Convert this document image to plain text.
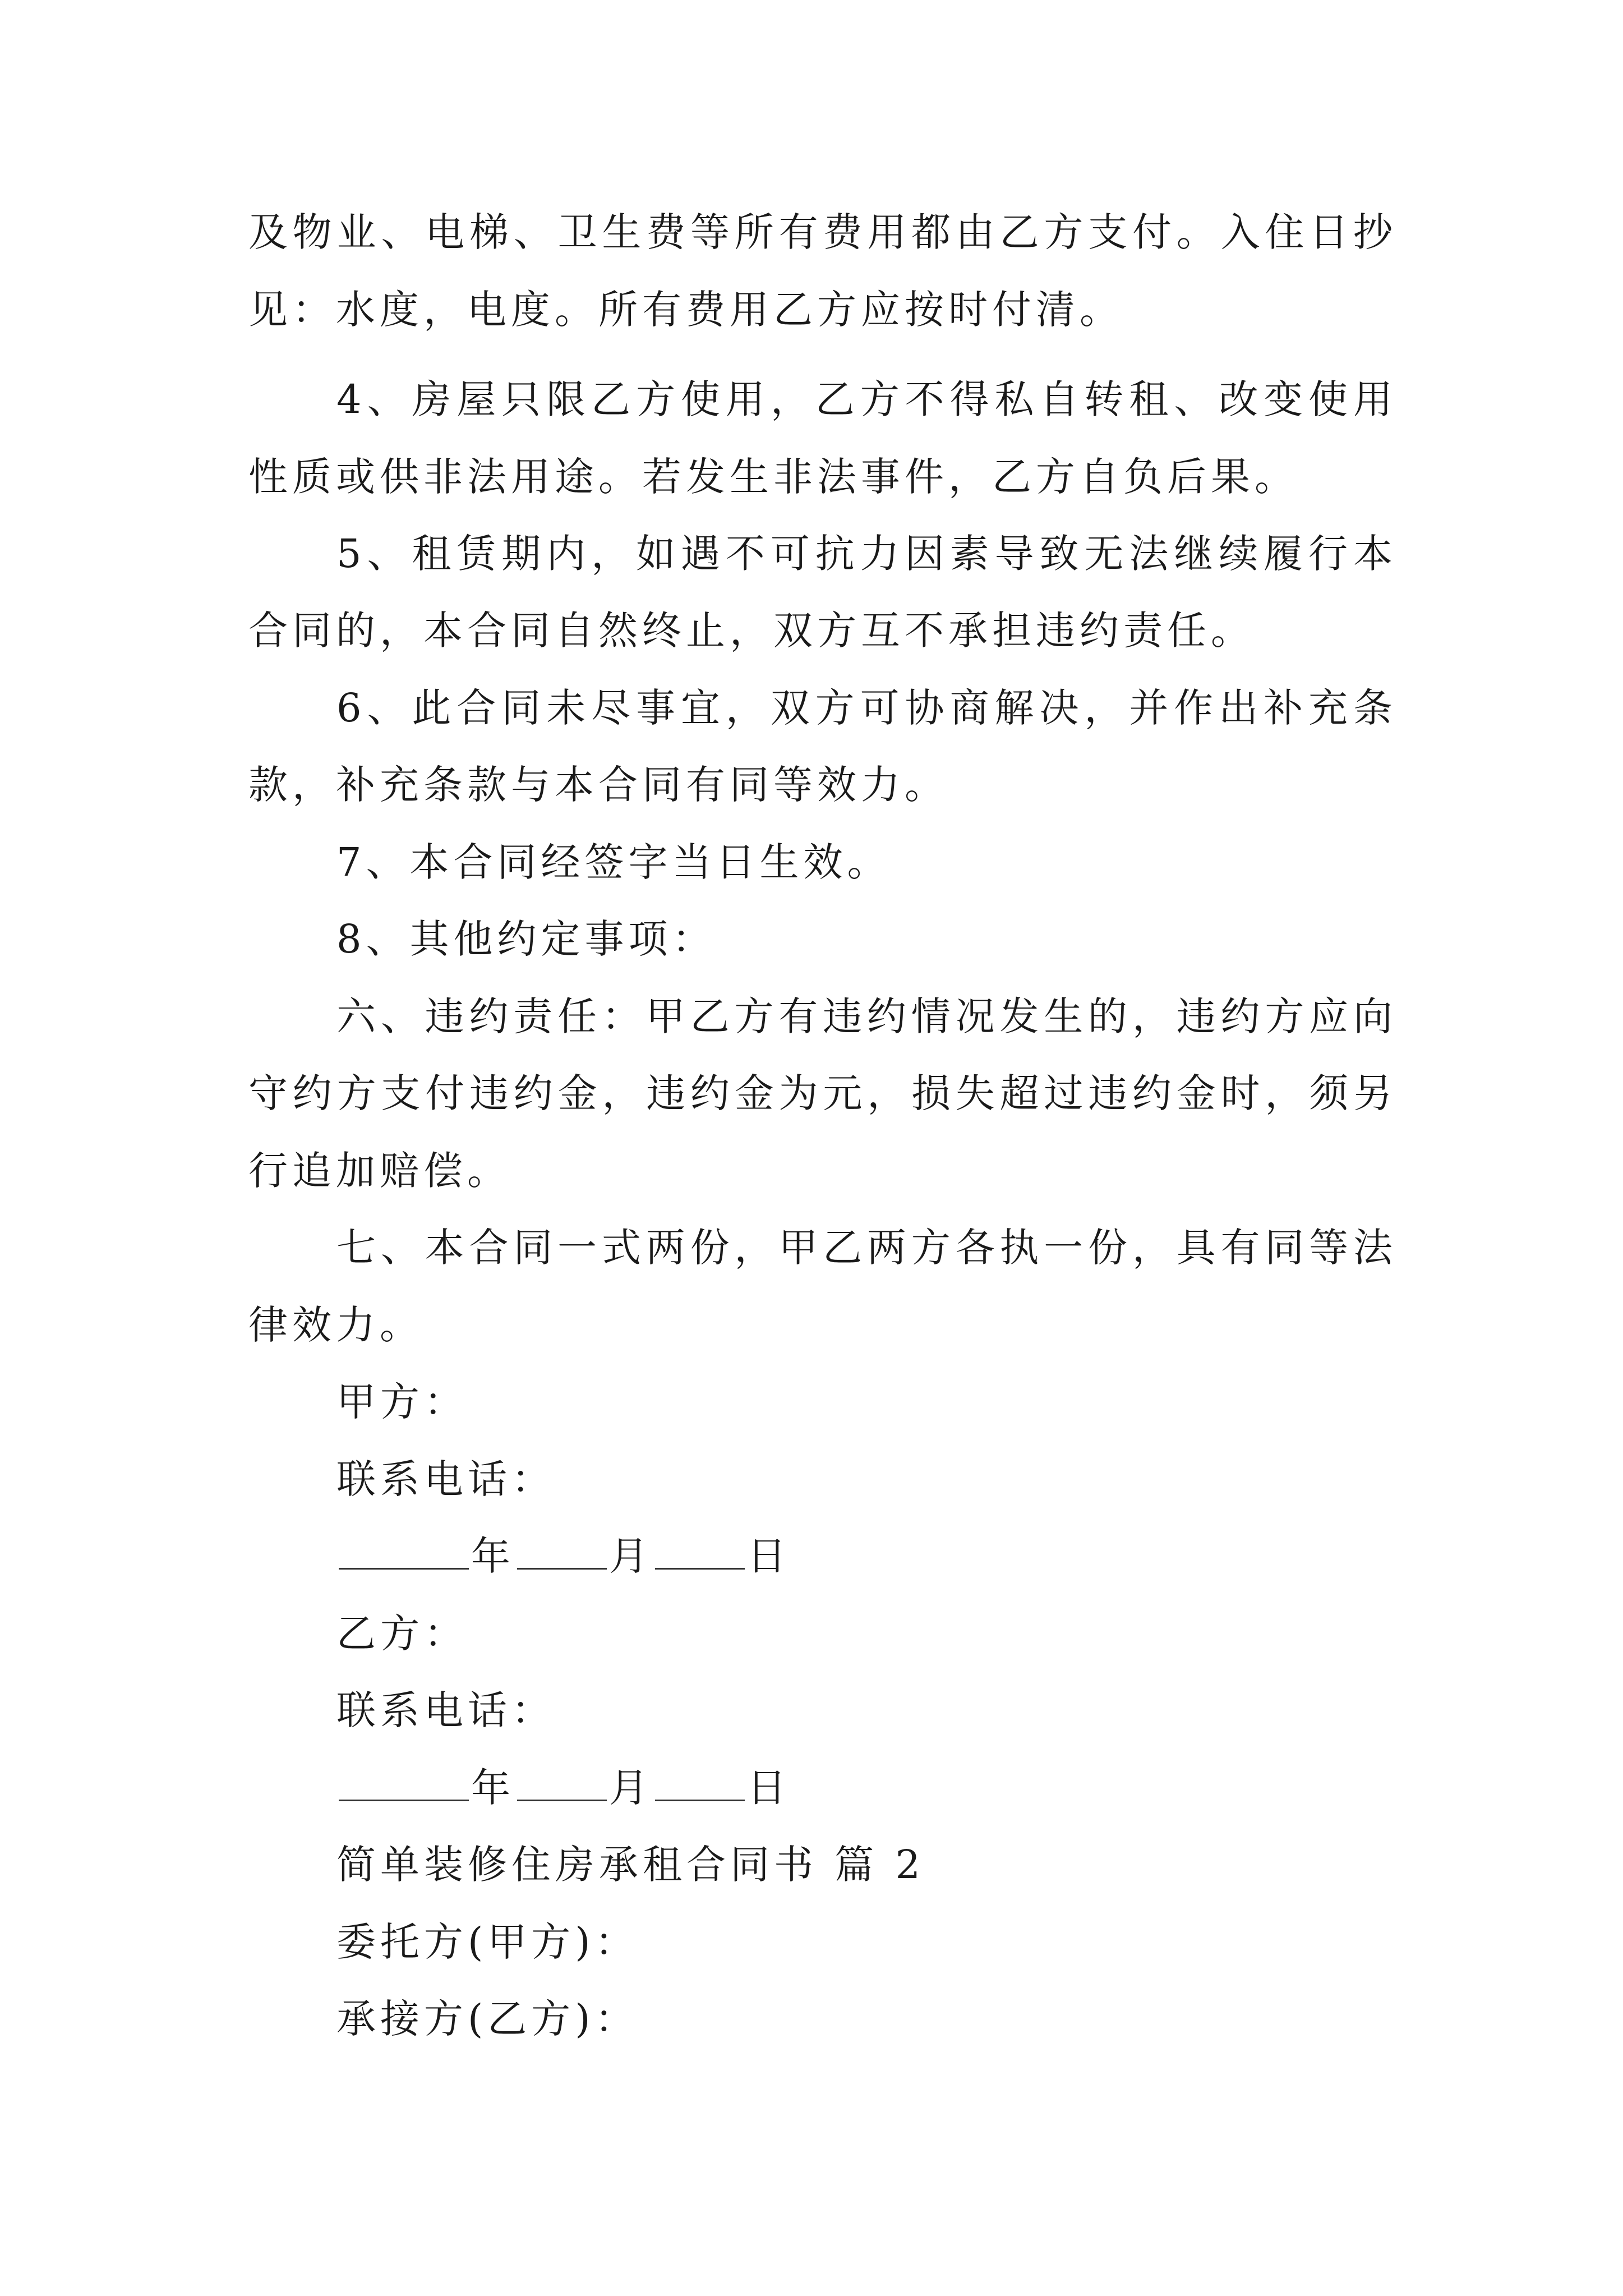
及物业、电梯、卫生费等所有费用都由乙方支付。入住日抄
见：水度，电度。所有费用乙方应按时付清。
4、房屋只限乙方使用，乙方不得私自转租、改变使用
性质或供非法用途。若发生非法事件，乙方自负后果。
5、租赁期内，如遇不可抗力因素导致无法继续履行本
合同的，本合同自然终止，双方互不承担违约责任。
6、此合同未尽事宜，双方可协商解决，并作出补充条
款，补充条款与本合同有同等效力。
7、本合同经签字当日生效。
8、其他约定事项：
六、违约责任：甲乙方有违约情况发生的，违约方应向
守约方支付违约金，违约金为元，损失超过违约金时，须另
行追加赔偿。
七、本合同一式两份，甲乙两方各执一份，具有同等法
律效力。
甲方：
联系电话：
年 月 日
乙方：
联系电话：
年 月 日
简单装修住房承租合同书 篇 2
委托方(甲方)：
承接方(乙方)：
